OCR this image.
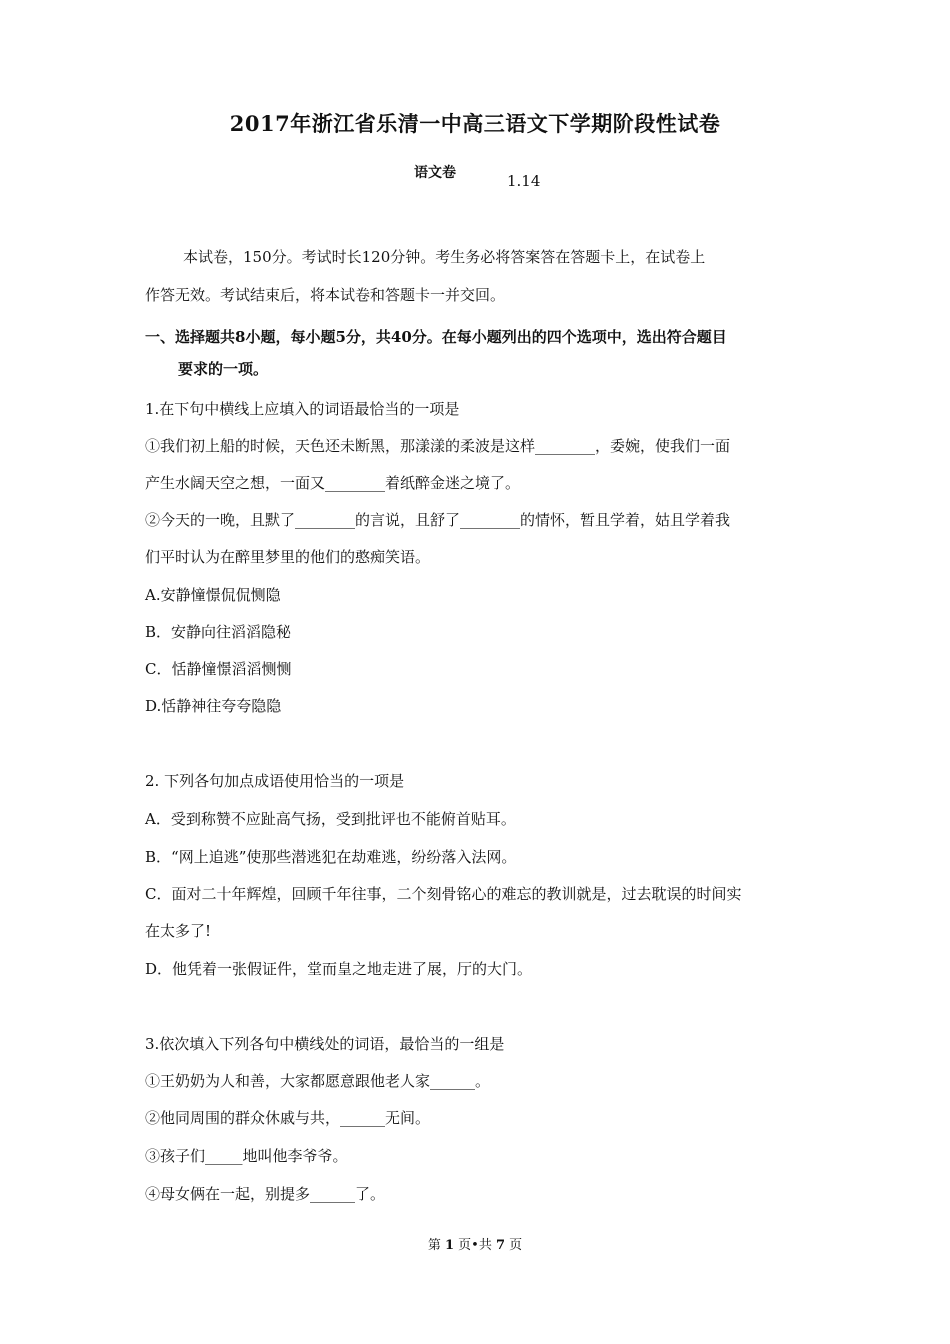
2017年浙江省乐清一中高三语文下学期阶段性试卷
语文卷	1.14
本试卷，150分。考试时长120分钟。考生务必将答案答在答题卡上，在试卷上
作答无效。考试结束后，将本试卷和答题卡一并交回。
一、选择题共8小题，每小题5分，共40分。在每小题列出的四个选项中，选出符合题目
要求的一项。
1.在下句中横线上应填入的词语最恰当的一项是
①我们初上船的时候，天色还未断黑，那漾漾的柔波是这样________，委婉，使我们一面
产生水阔天空之想，一面又________着纸醉金迷之境了。
②今天的一晚，且默了________的言说，且舒了________的情怀，暂且学着，姑且学着我
们平时认为在醉里梦里的他们的憨痴笑语。
A.安静憧憬侃侃恻隐
B．安静向往滔滔隐秘
C．恬静憧憬滔滔恻恻
D.恬静神往夸夸隐隐
2. 下列各句加点成语使用恰当的一项是
A．受到称赞不应趾高气扬，受到批评也不能俯首贴耳。
B．“网上追逃”使那些潜逃犯在劫难逃，纷纷落入法网。
C．面对二十年辉煌，回顾千年往事，二个刻骨铭心的难忘的教训就是，过去耽误的时间实
在太多了!
D．他凭着一张假证件，堂而皇之地走进了展，厅的大门。
3.依次填入下列各句中横线处的词语，最恰当的一组是
①王奶奶为人和善，大家都愿意跟他老人家______。
②他同周围的群众休戚与共，______无间。
③孩子们_____地叫他李爷爷。
④母女俩在一起，别提多______了。
第 1 页•共 7 页
